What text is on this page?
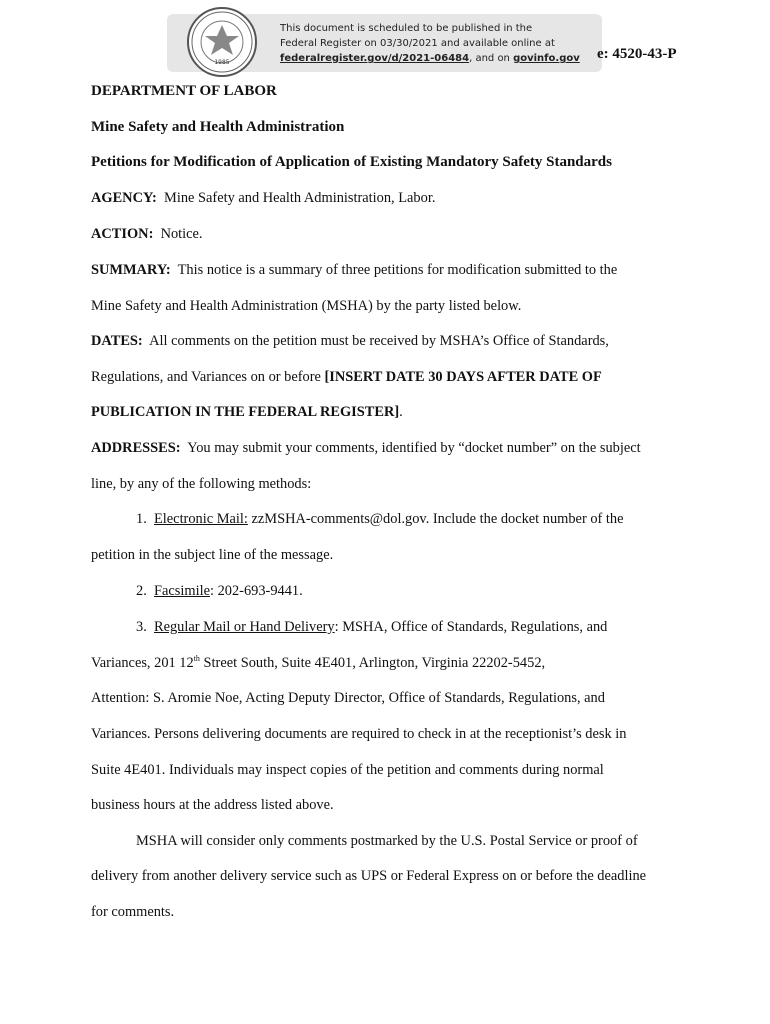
1985
This document is scheduled to be published in the
Federal Register on 03/30/2021 and available online at
federalregister.gov/d/2021-06484, and on govinfo.gov	e: 4520-43-P
DEPARTMENT OF LABOR
Mine Safety and Health Administration
Petitions for Modification of Application of Existing Mandatory Safety Standards
AGENCY: Mine Safety and Health Administration, Labor.
ACTION: Notice.
SUMMARY: This notice is a summary of three petitions for modification submitted to the
Mine Safety and Health Administration (MSHA) by the party listed below.
DATES: All comments on the petition must be received by MSHA’s Office of Standards,
Regulations, and Variances on or before [INSERT DATE 30 DAYS AFTER DATE OF
PUBLICATION IN THE FEDERAL REGISTER].
ADDRESSES: You may submit your comments, identified by “docket number” on the subject
line, by any of the following methods:
1. Electronic Mail: zzMSHA-comments@dol.gov. Include the docket number of the
petition in the subject line of the message.
2. Facsimile: 202-693-9441.
3. Regular Mail or Hand Delivery: MSHA, Office of Standards, Regulations, and
Variances, 201 12th Street South, Suite 4E401, Arlington, Virginia 22202-5452,
Attention: S. Aromie Noe, Acting Deputy Director, Office of Standards, Regulations, and
Variances. Persons delivering documents are required to check in at the receptionist’s desk in
Suite 4E401. Individuals may inspect copies of the petition and comments during normal
business hours at the address listed above.
MSHA will consider only comments postmarked by the U.S. Postal Service or proof of
delivery from another delivery service such as UPS or Federal Express on or before the deadline
for comments.
